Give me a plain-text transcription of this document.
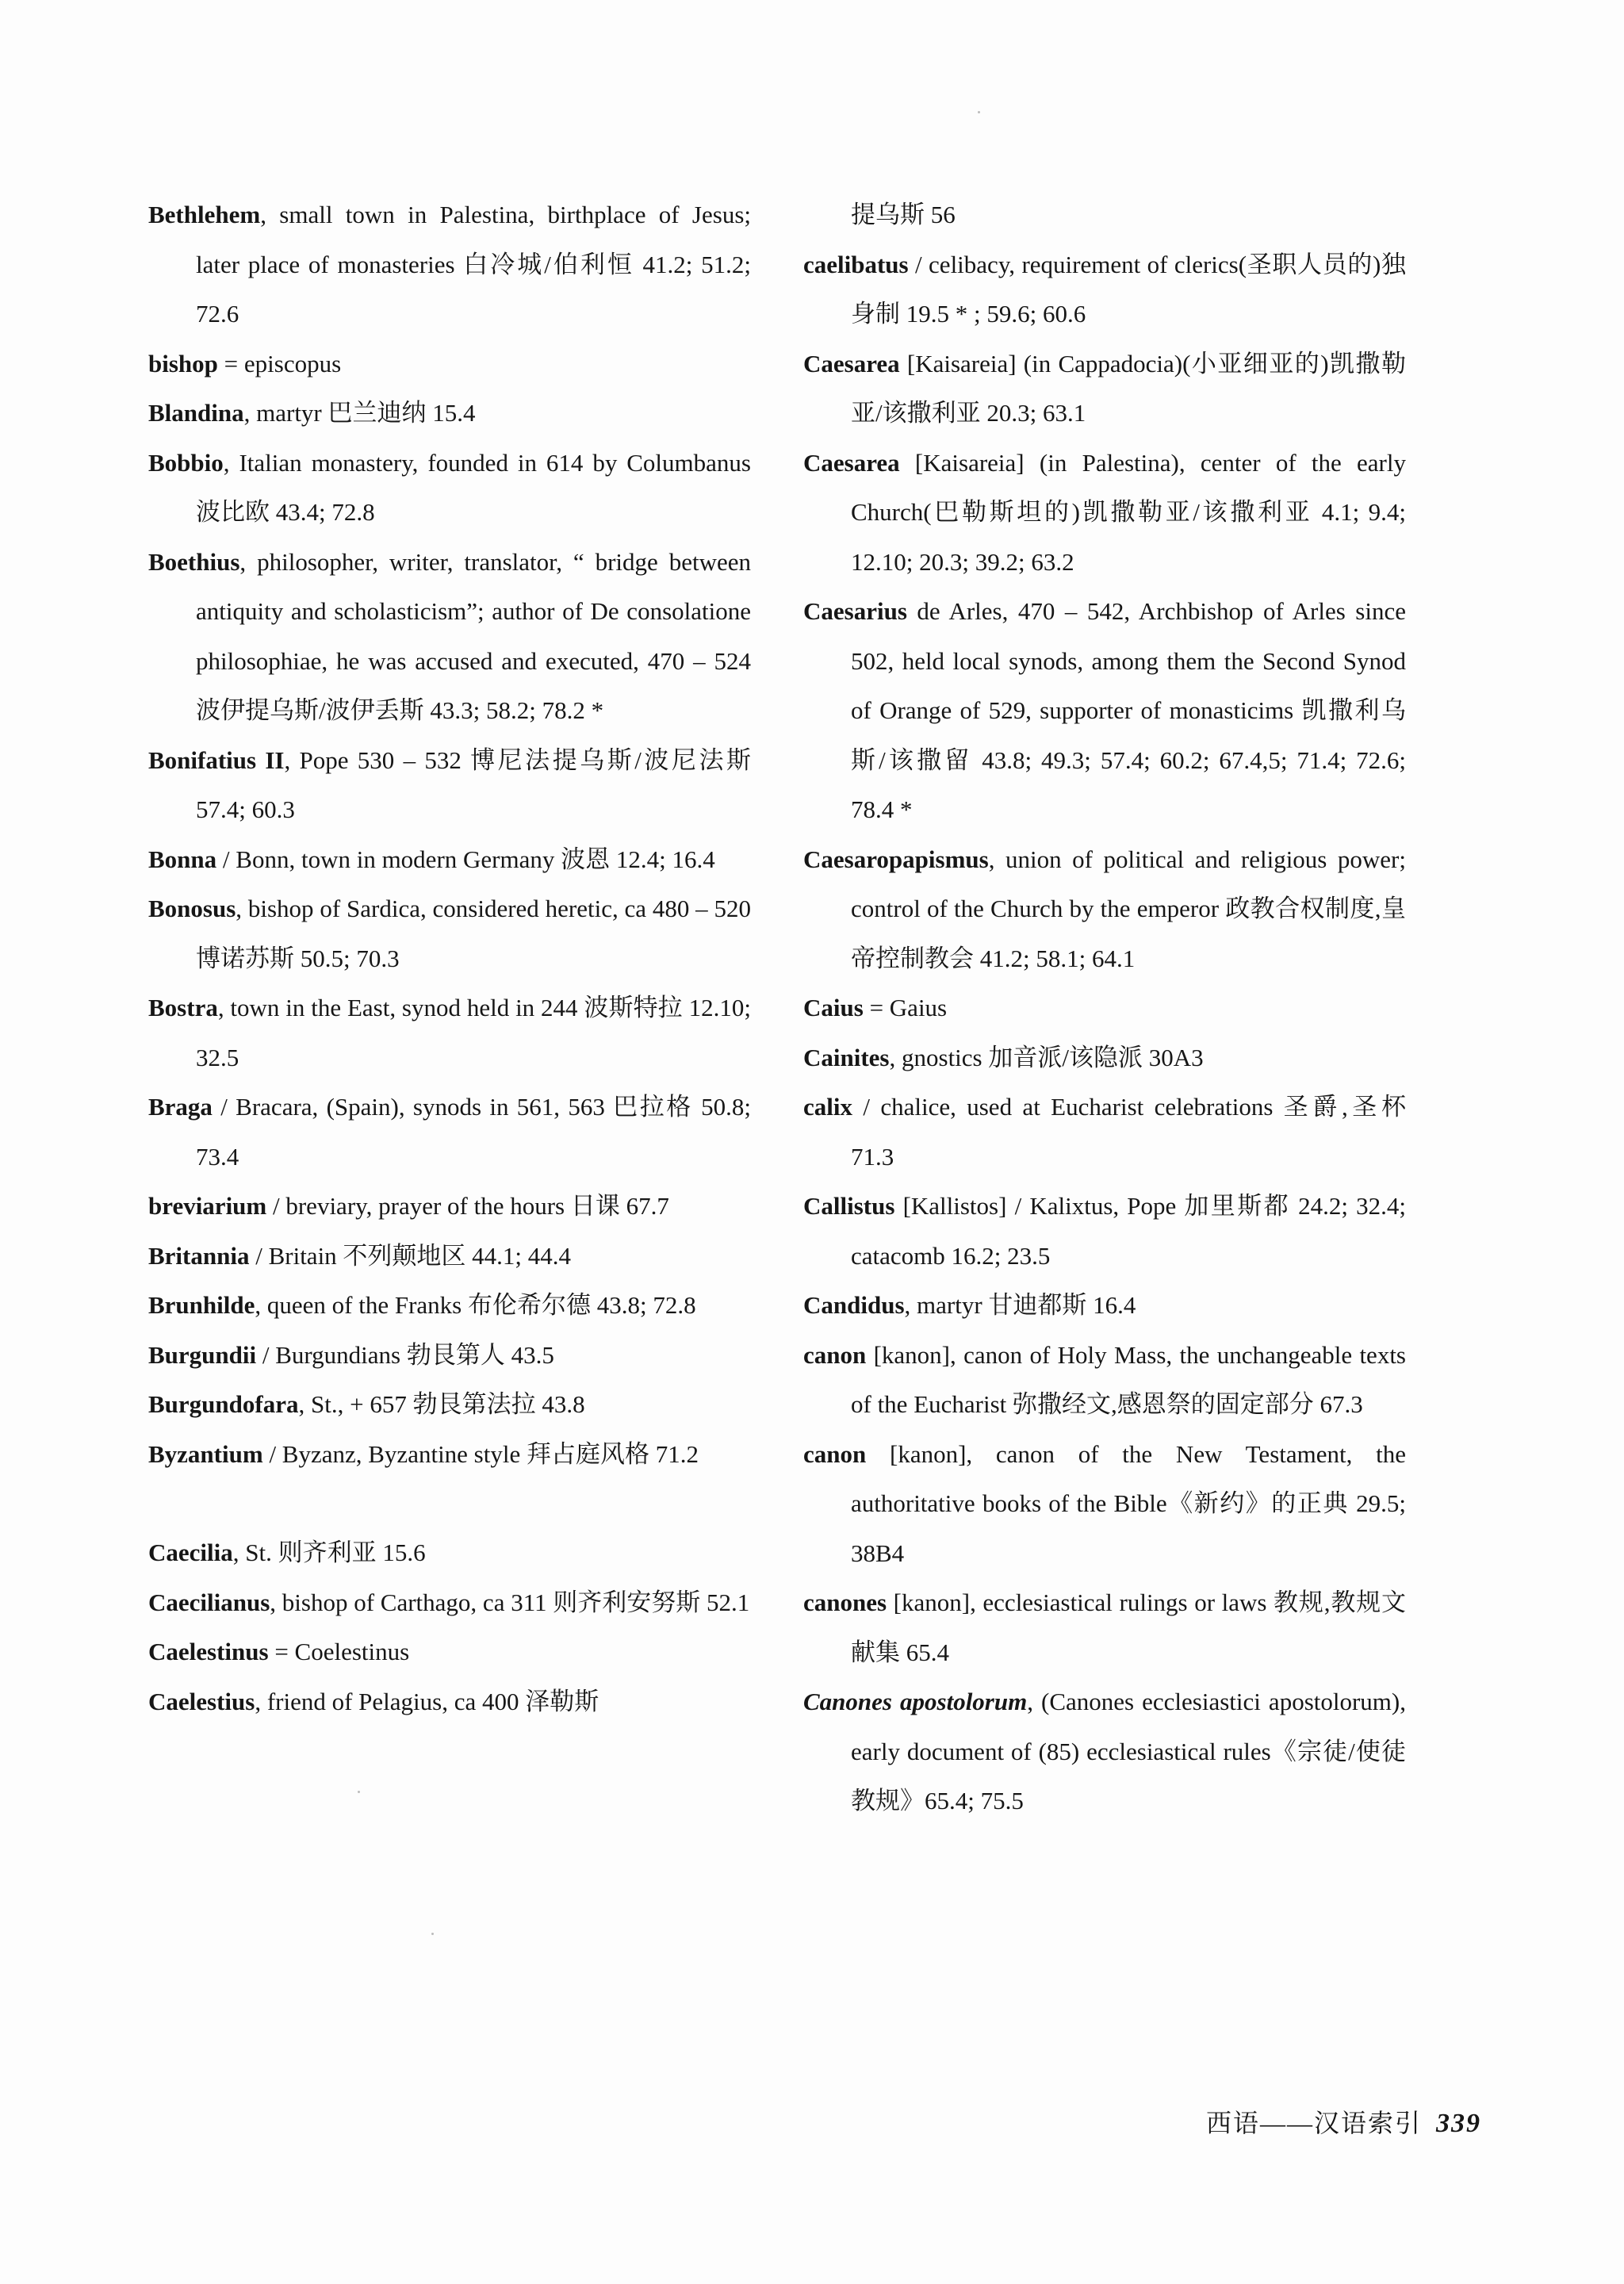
Bethlehem, small town in Palestina, birthplace of Jesus; later place of monasteries 白冷城/伯利恒 41.2; 51.2; 72.6

bishop = episcopus

Blandina, martyr 巴兰迪纳 15.4

Bobbio, Italian monastery, founded in 614 by Columbanus 波比欧 43.4; 72.8

Boethius, philosopher, writer, translator, “ bridge between antiquity and scholasticism”; author of De consolatione philosophiae, he was accused and executed, 470 – 524 波伊提乌斯/波伊丢斯 43.3; 58.2; 78.2 *

Bonifatius II, Pope 530 – 532 博尼法提乌斯/波尼法斯 57.4; 60.3

Bonna / Bonn, town in modern Germany 波恩 12.4; 16.4

Bonosus, bishop of Sardica, considered heretic, ca 480 – 520 博诺苏斯 50.5; 70.3

Bostra, town in the East, synod held in 244 波斯特拉 12.10; 32.5

Braga / Bracara, (Spain), synods in 561, 563 巴拉格 50.8; 73.4

breviarium / breviary, prayer of the hours 日课 67.7

Britannia / Britain 不列颠地区 44.1; 44.4

Brunhilde, queen of the Franks 布伦希尔德 43.8; 72.8

Burgundii / Burgundians 勃艮第人 43.5

Burgundofara, St., + 657 勃艮第法拉 43.8

Byzantium / Byzanz, Byzantine style 拜占庭风格 71.2

Caecilia, St. 则齐利亚 15.6

Caecilianus, bishop of Carthago, ca 311 则齐利安努斯 52.1

Caelestinus = Coelestinus

Caelestius, friend of Pelagius, ca 400 泽勒斯

提乌斯 56

caelibatus / celibacy, requirement of clerics(圣职人员的)独身制 19.5 * ; 59.6; 60.6

Caesarea [Kaisareia] (in Cappadocia)(小亚细亚的)凯撒勒亚/该撒利亚 20.3; 63.1

Caesarea [Kaisareia] (in Palestina), center of the early Church(巴勒斯坦的)凯撒勒亚/该撒利亚 4.1; 9.4; 12.10; 20.3; 39.2; 63.2

Caesarius de Arles, 470 – 542, Archbishop of Arles since 502, held local synods, among them the Second Synod of Orange of 529, supporter of monasticims 凯撒利乌斯/该撒留 43.8; 49.3; 57.4; 60.2; 67.4,5; 71.4; 72.6; 78.4 *

Caesaropapismus, union of political and religious power; control of the Church by the emperor 政教合权制度,皇帝控制教会 41.2; 58.1; 64.1

Caius = Gaius

Cainites, gnostics 加音派/该隐派 30A3

calix / chalice, used at Eucharist celebrations 圣爵,圣杯 71.3

Callistus [Kallistos] / Kalixtus, Pope 加里斯都 24.2; 32.4; catacomb 16.2; 23.5

Candidus, martyr 甘迪都斯 16.4

canon [kanon], canon of Holy Mass, the unchangeable texts of the Eucharist 弥撒经文,感恩祭的固定部分 67.3

canon [kanon], canon of the New Testament, the authoritative books of the Bible《新约》的正典 29.5; 38B4

canones [kanon], ecclesiastical rulings or laws 教规,教规文献集 65.4

Canones apostolorum, (Canones ecclesiastici apostolorum), early document of (85) ecclesiastical rules《宗徒/使徒教规》65.4; 75.5

西语——汉语索引 339
